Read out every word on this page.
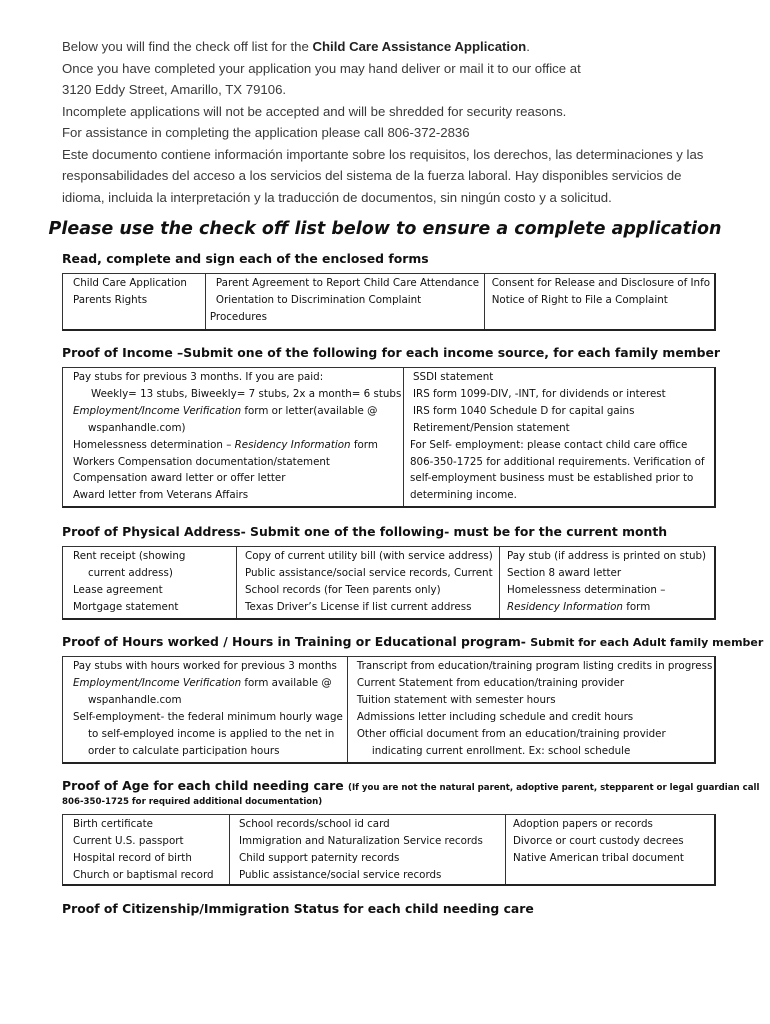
Below you will find the check off list for the Child Care Assistance Application.
Once you have completed your application you may hand deliver or mail it to our office at
3120 Eddy Street, Amarillo, TX 79106.
Incomplete applications will not be accepted and will be shredded for security reasons.
For assistance in completing the application please call 806-372-2836
Este documento contiene información importante sobre los requisitos, los derechos, las determinaciones y las
responsabilidades del acceso a los servicios del sistema de la fuerza laboral. Hay disponibles servicios de
idioma, incluida la interpretación y la traducción de documentos, sin ningún costo y a solicitud.
Please use the check off list below to ensure a complete application
Read, complete and sign each of the enclosed forms
Child Care Application
Parents Rights
Parent Agreement to Report Child Care Attendance
Orientation to Discrimination Complaint
Procedures
Consent for Release and Disclosure of Info
Notice of Right to File a Complaint
Proof of Income –Submit one of the following for each income source, for each family member
Pay stubs for previous 3 months. If you are paid:
Weekly= 13 stubs, Biweekly= 7 stubs, 2x a month= 6 stubs
Employment/Income Verification form or letter(available @
wspanhandle.com)
Homelessness determination – Residency Information form
Workers Compensation documentation/statement
Compensation award letter or offer letter
Award letter from Veterans Affairs
SSDI statement
IRS form 1099-DIV, -INT, for dividends or interest
IRS form 1040 Schedule D for capital gains
Retirement/Pension statement
For Self- employment: please contact child care office
806-350-1725 for additional requirements. Verification of
self-employment business must be established prior to
determining income.
Proof of Physical Address- Submit one of the following- must be for the current month
Rent receipt (showing
current address)
Lease agreement
Mortgage statement
Copy of current utility bill (with service address)
Public assistance/social service records, Current
School records (for Teen parents only)
Texas Driver’s License if list current address
Pay stub (if address is printed on stub)
Section 8 award letter
Homelessness determination –
Residency Information form
Proof of Hours worked / Hours in Training or Educational program- Submit for each Adult family member
Pay stubs with hours worked for previous 3 months
Employment/Income Verification form available @
wspanhandle.com
Self-employment- the federal minimum hourly wage
to self-employed income is applied to the net in
order to calculate participation hours
Transcript from education/training program listing credits in progress
Current Statement from education/training provider
Tuition statement with semester hours
Admissions letter including schedule and credit hours
Other official document from an education/training provider
indicating current enrollment. Ex: school schedule
Proof of Age for each child needing care (If you are not the natural parent, adoptive parent, stepparent or legal guardian call
806-350-1725 for required additional documentation)
Birth certificate
Current U.S. passport
Hospital record of birth
Church or baptismal record
School records/school id card
Immigration and Naturalization Service records
Child support paternity records
Public assistance/social service records
Adoption papers or records
Divorce or court custody decrees
Native American tribal document
Proof of Citizenship/Immigration Status for each child needing care
